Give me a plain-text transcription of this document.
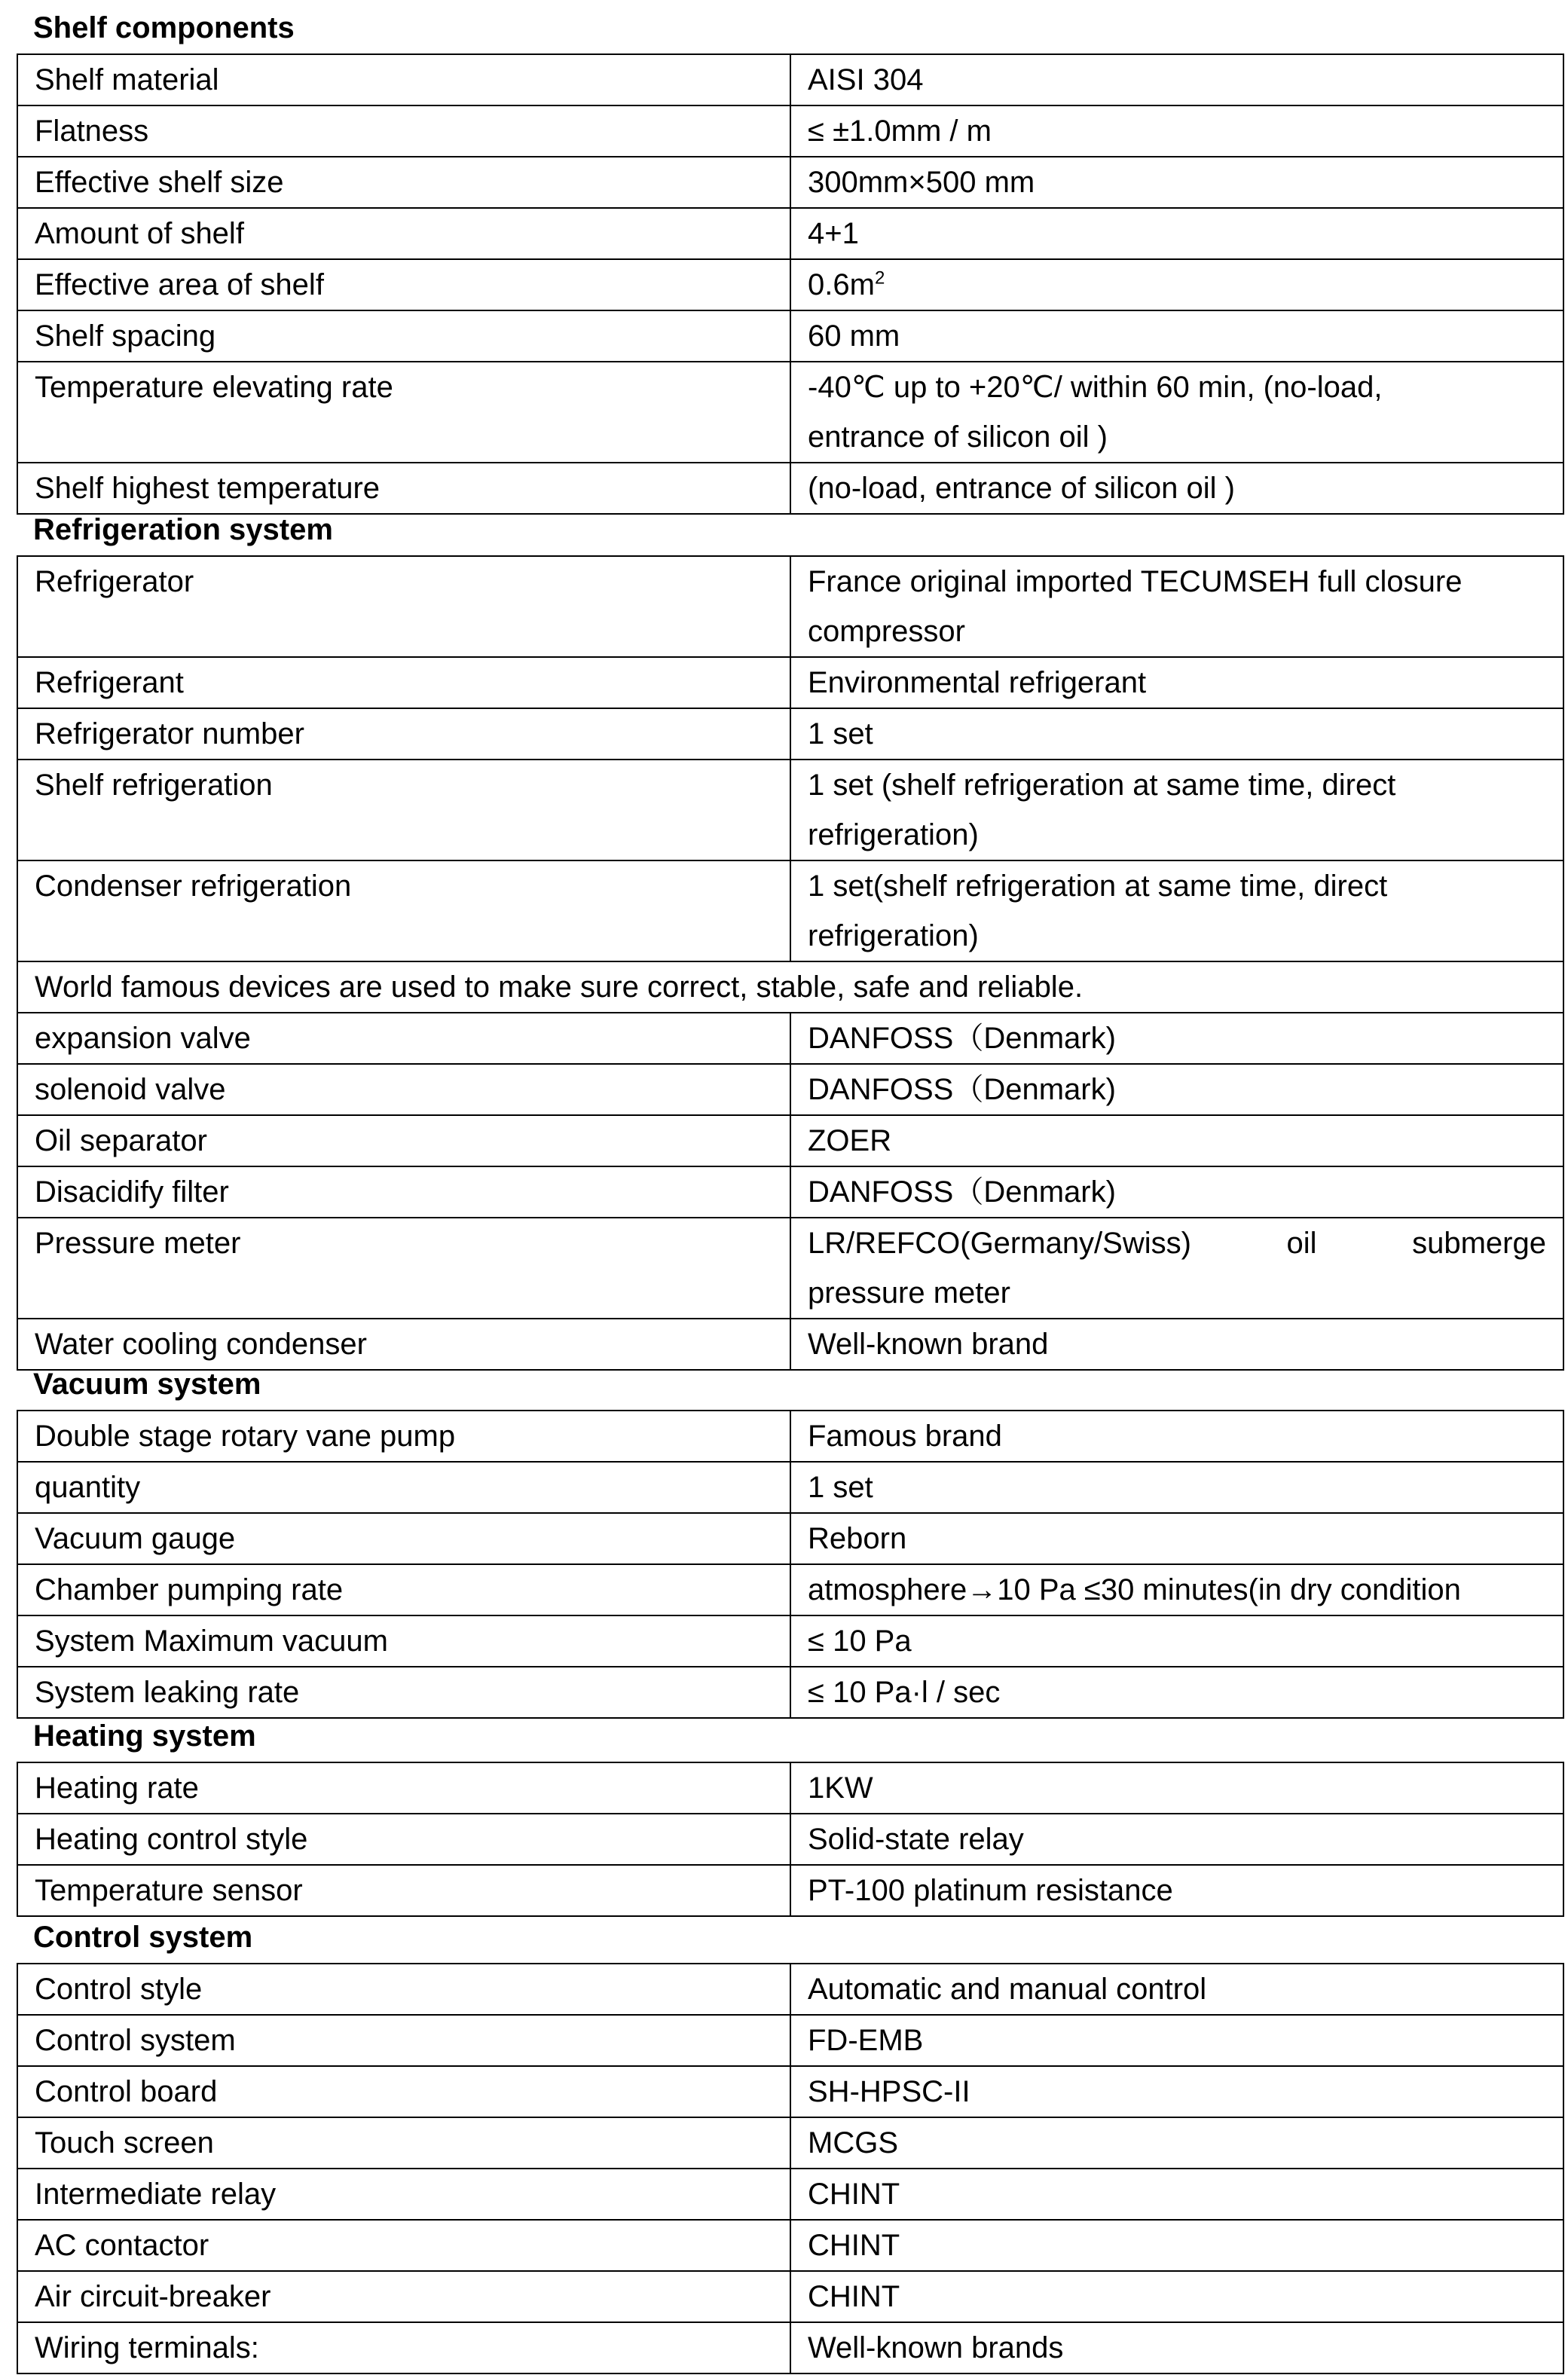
Shelf components
Shelf material	AISI 304
Flatness	≤ ±1.0mm / m
Effective shelf size	300mm×500 mm
Amount of shelf	4+1
Effective area of shelf	$0.6m^2$
Shelf spacing	60 mm
Temperature elevating rate	-40℃ up to +20℃/ within 60 min, (no-load,
entrance of silicon oil )

Shelf highest temperature	(no-load, entrance of silicon oil )
Refrigeration system
Refrigerator	France original imported TECUMSEH full closure
compressor

Refrigerant	Environmental refrigerant
Refrigerator number	1 set
Shelf refrigeration	1 set (shelf refrigeration at same time, direct
refrigeration)

Condenser refrigeration	1 set(shelf refrigeration at same time, direct
refrigeration)

World famous devices are used to make sure correct, stable, safe and reliable.	
expansion valve	DANFOSS（Denmark)
solenoid valve	DANFOSS（Denmark)
Oil separator	ZOER
Disacidify filter	DANFOSS（Denmark)
Pressure meter	LR/REFCO(Germany/Swiss) oil submerge
pressure meter

Water cooling condenser	Well-known brand
Vacuum system
Double stage rotary vane pump	Famous brand
quantity	1 set
Vacuum gauge	Reborn
Chamber pumping rate	atmosphere→10 Pa ≤30 minutes(in dry condition
System Maximum vacuum	≤ 10 Pa
System leaking rate	≤ 10 Pa·l / sec
Heating system
Heating rate	1KW
Heating control style	Solid-state relay
Temperature sensor	PT-100 platinum resistance
Control system
Control style	Automatic and manual control
Control system	FD-EMB
Control board	SH-HPSC-II
Touch screen	MCGS
Intermediate relay	CHINT
AC contactor	CHINT
Air circuit-breaker	CHINT
Wiring terminals:	Well-known brands
